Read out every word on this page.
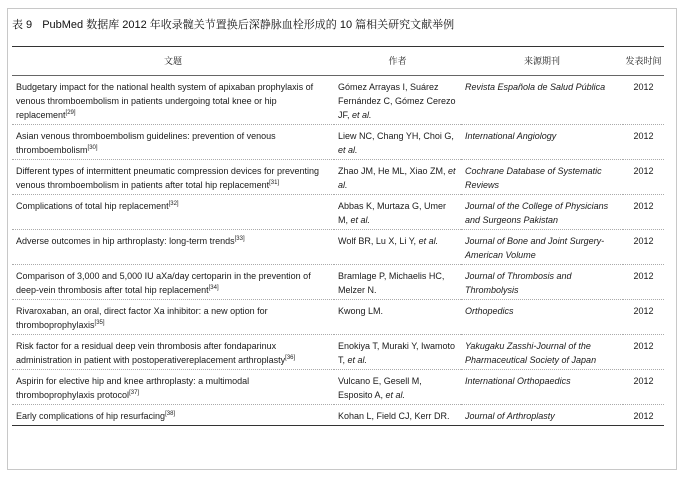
表 9 PubMed 数据库 2012 年收录髋关节置换后深静脉血栓形成的 10 篇相关研究文献举例
文题	作者	来源期刊	发表时间
Budgetary impact for the national health system of apixaban prophylaxis of venous thromboembolism in patients undergoing total knee or hip replacement[29]	Gómez Arrayas I, Suárez Fernández C, Gómez Cerezo JF, et al.	Revista Española de Salud Pública	2012
Asian venous thromboembolism guidelines: prevention of venous thromboembolism[30]	Liew NC, Chang YH, Choi G, et al.	International Angiology	2012
Different types of intermittent pneumatic compression devices for preventing venous thromboembolism in patients after total hip replacement[31]	Zhao JM, He ML, Xiao ZM, et al.	Cochrane Database of Systematic Reviews	2012
Complications of total hip replacement[32]	Abbas K, Murtaza G, Umer M, et al.	Journal of the College of Physicians and Surgeons Pakistan	2012
Adverse outcomes in hip arthroplasty: long-term trends[33]	Wolf BR, Lu X, Li Y, et al.	Journal of Bone and Joint Surgery-American Volume	2012
Comparison of 3,000 and 5,000 IU aXa/day certoparin in the prevention of deep-vein thrombosis after total hip replacement[34]	Bramlage P, Michaelis HC, Melzer N.	Journal of Thrombosis and Thrombolysis	2012
Rivaroxaban, an oral, direct factor Xa inhibitor: a new option for thromboprophylaxis[35]	Kwong LM.	Orthopedics	2012
Risk factor for a residual deep vein thrombosis after fondaparinux administration in patient with postoperativereplacement arthroplasty[36]	Enokiya T, Muraki Y, Iwamoto T, et al.	Yakugaku Zasshi-Journal of the Pharmaceutical Society of Japan	2012
Aspirin for elective hip and knee arthroplasty: a multimodal thromboprophylaxis protocol[37]	Vulcano E, Gesell M, Esposito A, et al.	International Orthopaedics	2012
Early complications of hip resurfacing[38]	Kohan L, Field CJ, Kerr DR.	Journal of Arthroplasty	2012
